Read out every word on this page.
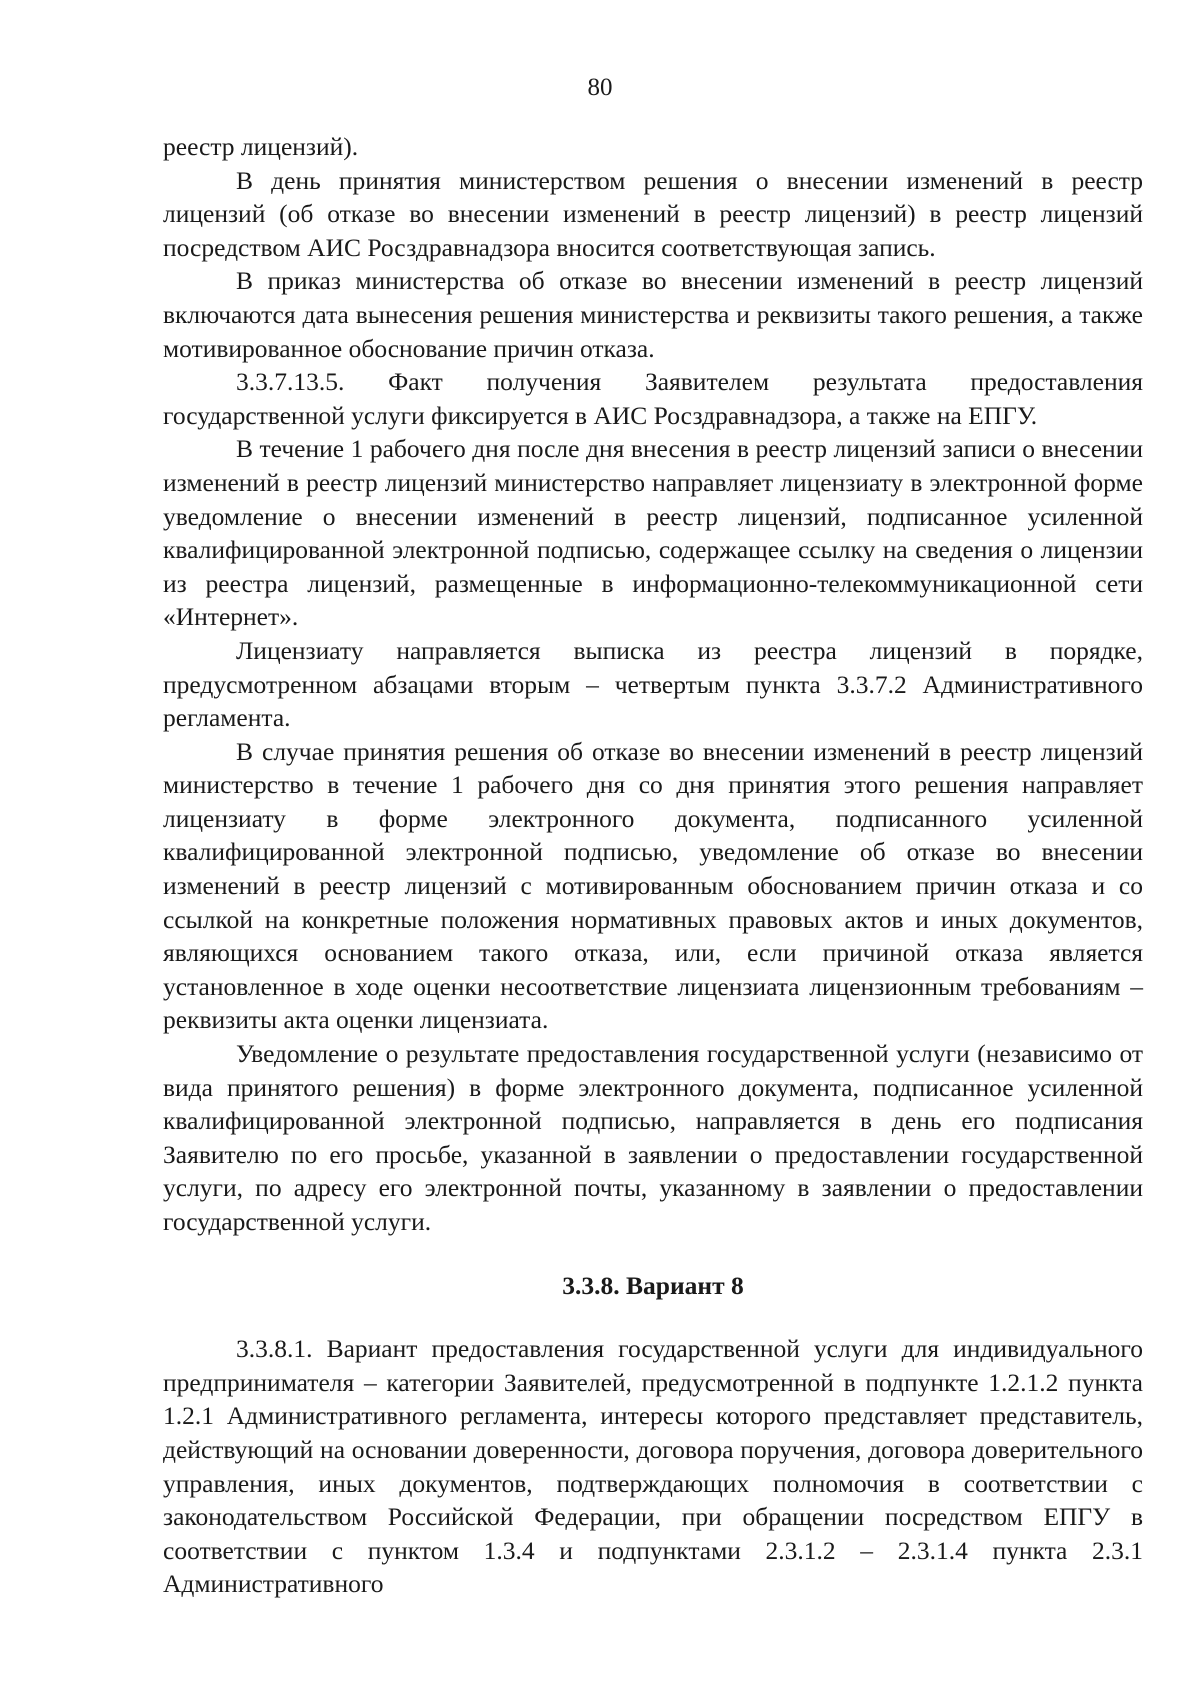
80

реестр лицензий).

В день принятия министерством решения о внесении изменений в реестр лицензий (об отказе во внесении изменений в реестр лицензий) в реестр лицензий посредством АИС Росздравнадзора вносится соответствующая запись.

В приказ министерства об отказе во внесении изменений в реестр лицензий включаются дата вынесения решения министерства и реквизиты такого решения, а также мотивированное обоснование причин отказа.

3.3.7.13.5. Факт получения Заявителем результата предоставления государственной услуги фиксируется в АИС Росздравнадзора, а также на ЕПГУ.

В течение 1 рабочего дня после дня внесения в реестр лицензий записи о внесении изменений в реестр лицензий министерство направляет лицензиату в электронной форме уведомление о внесении изменений в реестр лицензий, подписанное усиленной квалифицированной электронной подписью, содержащее ссылку на сведения о лицензии из реестра лицензий, размещенные в информационно-телекоммуникационной сети «Интернет».

Лицензиату направляется выписка из реестра лицензий в порядке, предусмотренном абзацами вторым – четвертым пункта 3.3.7.2 Административного регламента.

В случае принятия решения об отказе во внесении изменений в реестр лицензий министерство в течение 1 рабочего дня со дня принятия этого решения направляет лицензиату в форме электронного документа, подписанного усиленной квалифицированной электронной подписью, уведомление об отказе во внесении изменений в реестр лицензий с мотивированным обоснованием причин отказа и со ссылкой на конкретные положения нормативных правовых актов и иных документов, являющихся основанием такого отказа, или, если причиной отказа является установленное в ходе оценки несоответствие лицензиата лицензионным требованиям – реквизиты акта оценки лицензиата.

Уведомление о результате предоставления государственной услуги (независимо от вида принятого решения) в форме электронного документа, подписанное усиленной квалифицированной электронной подписью, направляется в день его подписания Заявителю по его просьбе, указанной в заявлении о предоставлении государственной услуги, по адресу его электронной почты, указанному в заявлении о предоставлении государственной услуги.

3.3.8. Вариант 8

3.3.8.1. Вариант предоставления государственной услуги для индивидуального предпринимателя – категории Заявителей, предусмотренной в подпункте 1.2.1.2 пункта 1.2.1 Административного регламента, интересы которого представляет представитель, действующий на основании доверенности, договора поручения, договора доверительного управления, иных документов, подтверждающих полномочия в соответствии с законодательством Российской Федерации, при обращении посредством ЕПГУ в соответствии с пунктом 1.3.4 и подпунктами 2.3.1.2 – 2.3.1.4 пункта 2.3.1 Административного
